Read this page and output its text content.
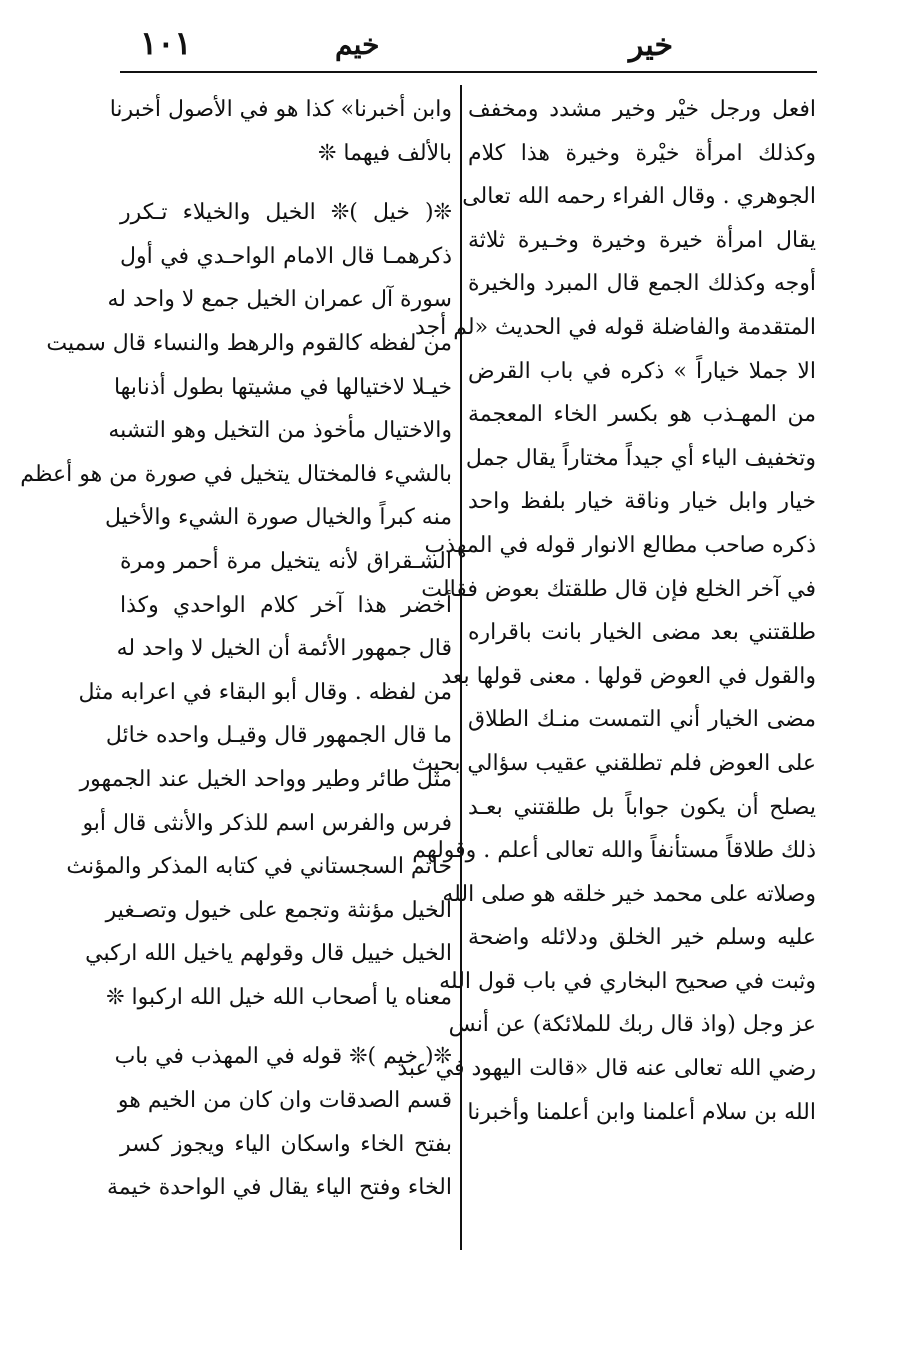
خير
خيم
١٠١
افعل ورجل خيْر وخير مشدد ومخفف
وكذلك امرأة خيْرة وخيرة هذا كلام
الجوهري . وقال الفراء رحمه الله تعالى
يقال امرأة خيرة وخيرة وخـيرة ثلاثة
أوجه وكذلك الجمع قال المبرد والخيرة
المتقدمة والفاضلة قوله في الحديث «لم أجد
الا جملا خياراً » ذكره في باب القرض
من المهـذب هو بكسر الخاء المعجمة
وتخفيف الياء أي جيداً مختاراً يقال جمل
خيار وابل خيار وناقة خيار بلفظ واحد
ذكره صاحب مطالع الانوار قوله في المهذب
في آخر الخلع فإن قال طلقتك بعوض فقالت
طلقتني بعد مضى الخيار بانت باقراره
والقول في العوض قولها . معنى قولها بعد
مضى الخيار أني التمست منـك الطلاق
على العوض فلم تطلقني عقيب سؤالي بحيث
يصلح أن يكون جواباً بل طلقتني بعـد
ذلك طلاقاً مستأنفاً والله تعالى أعلم . وقولهم
وصلاته على محمد خير خلقه هو صلى الله
عليه وسلم خير الخلق ودلائله واضحة
وثبت في صحيح البخاري في باب قول الله
عز وجل (واذ قال ربك للملائكة) عن أنس
رضي الله تعالى عنه قال «قالت اليهود في عبد
الله بن سلام أعلمنا وابن أعلمنا وأخبرنا
وابن أخبرنا» كذا هو في الأصول أخبرنا
بالألف فيهما ❊
❊( خيل )❊ الخيل والخيلاء تـكرر
ذكرهمـا قال الامام الواحـدي في أول
سورة آل عمران الخيل جمع لا واحد له
من لفظه كالقوم والرهط والنساء قال سميت
خيـلا لاختيالها في مشيتها بطول أذنابها
والاختيال مأخوذ من التخيل وهو التشبه
بالشيء فالمختال يتخيل في صورة من هو أعظم
منه كبراً والخيال صورة الشيء والأخيل
الشـقراق لأنه يتخيل مرة أحمر ومرة
أخضر هذا آخر كلام الواحدي وكذا
قال جمهور الأئمة أن الخيل لا واحد له
من لفظه . وقال أبو البقاء في اعرابه مثل
ما قال الجمهور قال وقيـل واحده خائل
مثل طائر وطير وواحد الخيل عند الجمهور
فرس والفرس اسم للذكر والأنثى قال أبو
حاتم السجستاني في كتابه المذكر والمؤنث
الخيل مؤنثة وتجمع على خيول وتصـغير
الخيل خييل قال وقولهم ياخيل الله اركبي
معناه يا أصحاب الله خيل الله اركبوا ❊
❊( خيم )❊ قوله في المهذب في باب
قسم الصدقات وان كان من الخيم هو
بفتح الخاء واسكان الياء ويجوز كسر
الخاء وفتح الياء يقال في الواحدة خيمة
